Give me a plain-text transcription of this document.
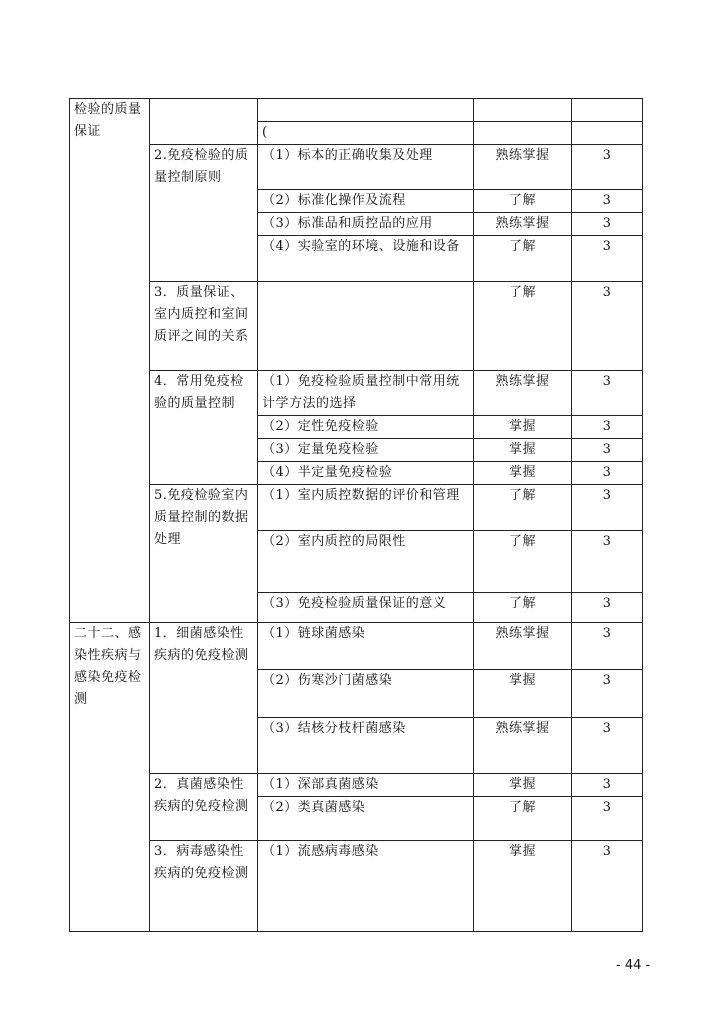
检验的质量保证				
		(		
	2.免疫检验的质量控制原则	（1）标本的正确收集及处理	熟练掌握	3
		（2）标准化操作及流程	了解	3
		（3）标准品和质控品的应用	熟练掌握	3
		（4）实验室的环境、设施和设备	了解	3
	3．质量保证、室内质控和室间质评之间的关系		了解	3
	4．常用免疫检验的质量控制	（1）免疫检验质量控制中常用统计学方法的选择	熟练掌握	3
		（2）定性免疫检验	掌握	3
		（3）定量免疫检验	掌握	3
		（4）半定量免疫检验	掌握	3
	5.免疫检验室内质量控制的数据处理	（1）室内质控数据的评价和管理	了解	3
		（2）室内质控的局限性	了解	3
		（3）免疫检验质量保证的意义	了解	3
二十二、感染性疾病与感染免疫检测	1．细菌感染性疾病的免疫检测	（1）链球菌感染	熟练掌握	3
		（2）伤寒沙门菌感染	掌握	3
		（3）结核分枝杆菌感染	熟练掌握	3
	2．真菌感染性疾病的免疫检测	（1）深部真菌感染	掌握	3
		（2）类真菌感染	了解	3
	3．病毒感染性疾病的免疫检测	（1）流感病毒感染	掌握	3
- 44 -
